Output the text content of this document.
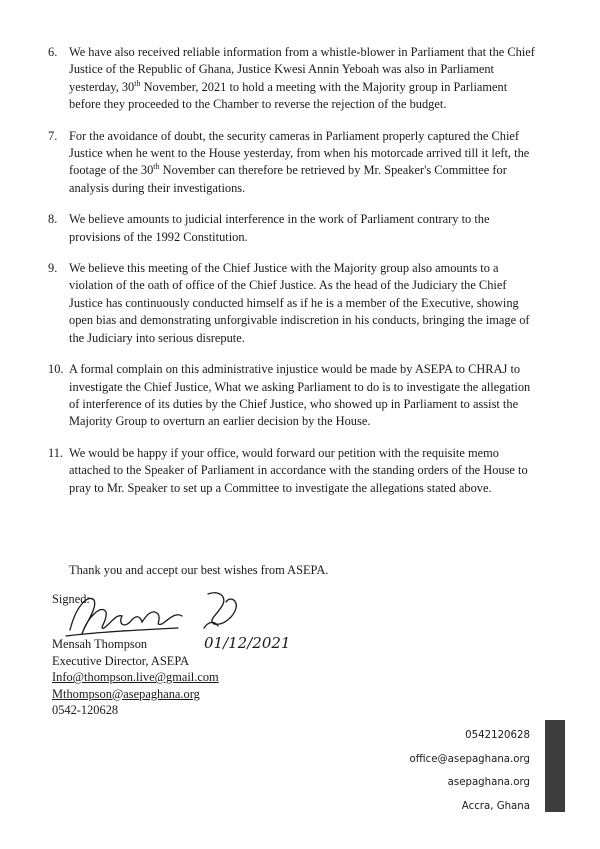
6. We have also received reliable information from a whistle-blower in Parliament that the Chief Justice of the Republic of Ghana, Justice Kwesi Annin Yeboah was also in Parliament yesterday, 30th November, 2021 to hold a meeting with the Majority group in Parliament before they proceeded to the Chamber to reverse the rejection of the budget.
7. For the avoidance of doubt, the security cameras in Parliament properly captured the Chief Justice when he went to the House yesterday, from when his motorcade arrived till it left, the footage of the 30th November can therefore be retrieved by Mr. Speaker's Committee for analysis during their investigations.
8. We believe amounts to judicial interference in the work of Parliament contrary to the provisions of the 1992 Constitution.
9. We believe this meeting of the Chief Justice with the Majority group also amounts to a violation of the oath of office of the Chief Justice. As the head of the Judiciary the Chief Justice has continuously conducted himself as if he is a member of the Executive, showing open bias and demonstrating unforgivable indiscretion in his conducts, bringing the image of the Judiciary into serious disrepute.
10. A formal complain on this administrative injustice would be made by ASEPA to CHRAJ to investigate the Chief Justice, What we asking Parliament to do is to investigate the allegation of interference of its duties by the Chief Justice, who showed up in Parliament to assist the Majority Group to overturn an earlier decision by the House.
11. We would be happy if your office, would forward our petition with the requisite memo attached to the Speaker of Parliament in accordance with the standing orders of the House to pray to Mr. Speaker to set up a Committee to investigate the allegations stated above.
Thank you and accept our best wishes from ASEPA.
Signed:
01/12/2021
Mensah Thompson
Executive Director, ASEPA
Info@thompson.live@gmail.com
Mthompson@asepaghana.org
0542-120628
0542120628
office@asepaghana.org
asepaghana.org
Accra, Ghana
